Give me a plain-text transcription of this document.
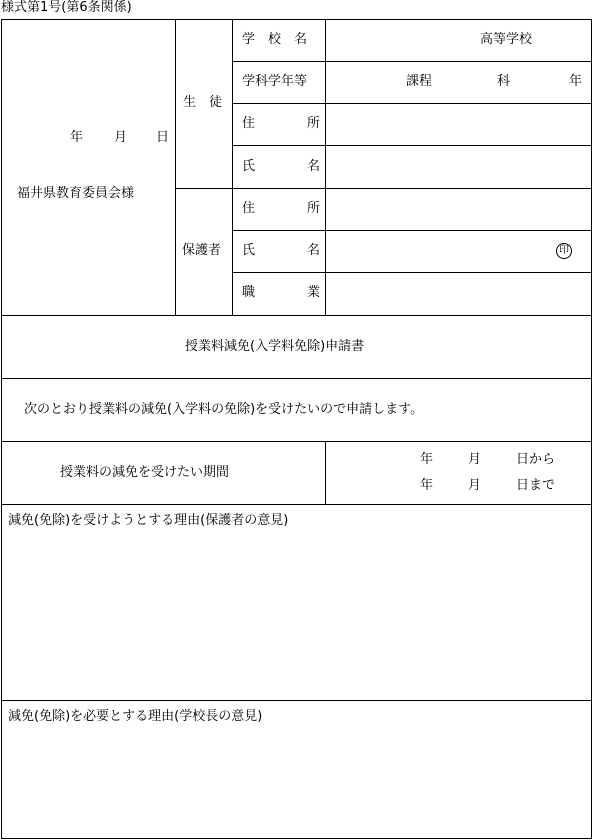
様式第1号(第6条関係)
年 月 日
福井県教育委員会様
生　徒
学　校　名	高等学校
学科学年等	課程	科	年
住	所
氏	名
保護者
住	所
氏	名	印
職	業
授業料減免(入学料免除)申請書
次のとおり授業料の減免(入学料の免除)を受けたいので申請します。
授業料の減免を受けたい期間
年	月	日から
年	月	日まで
減免(免除)を受けようとする理由(保護者の意見)
減免(免除)を必要とする理由(学校長の意見)
